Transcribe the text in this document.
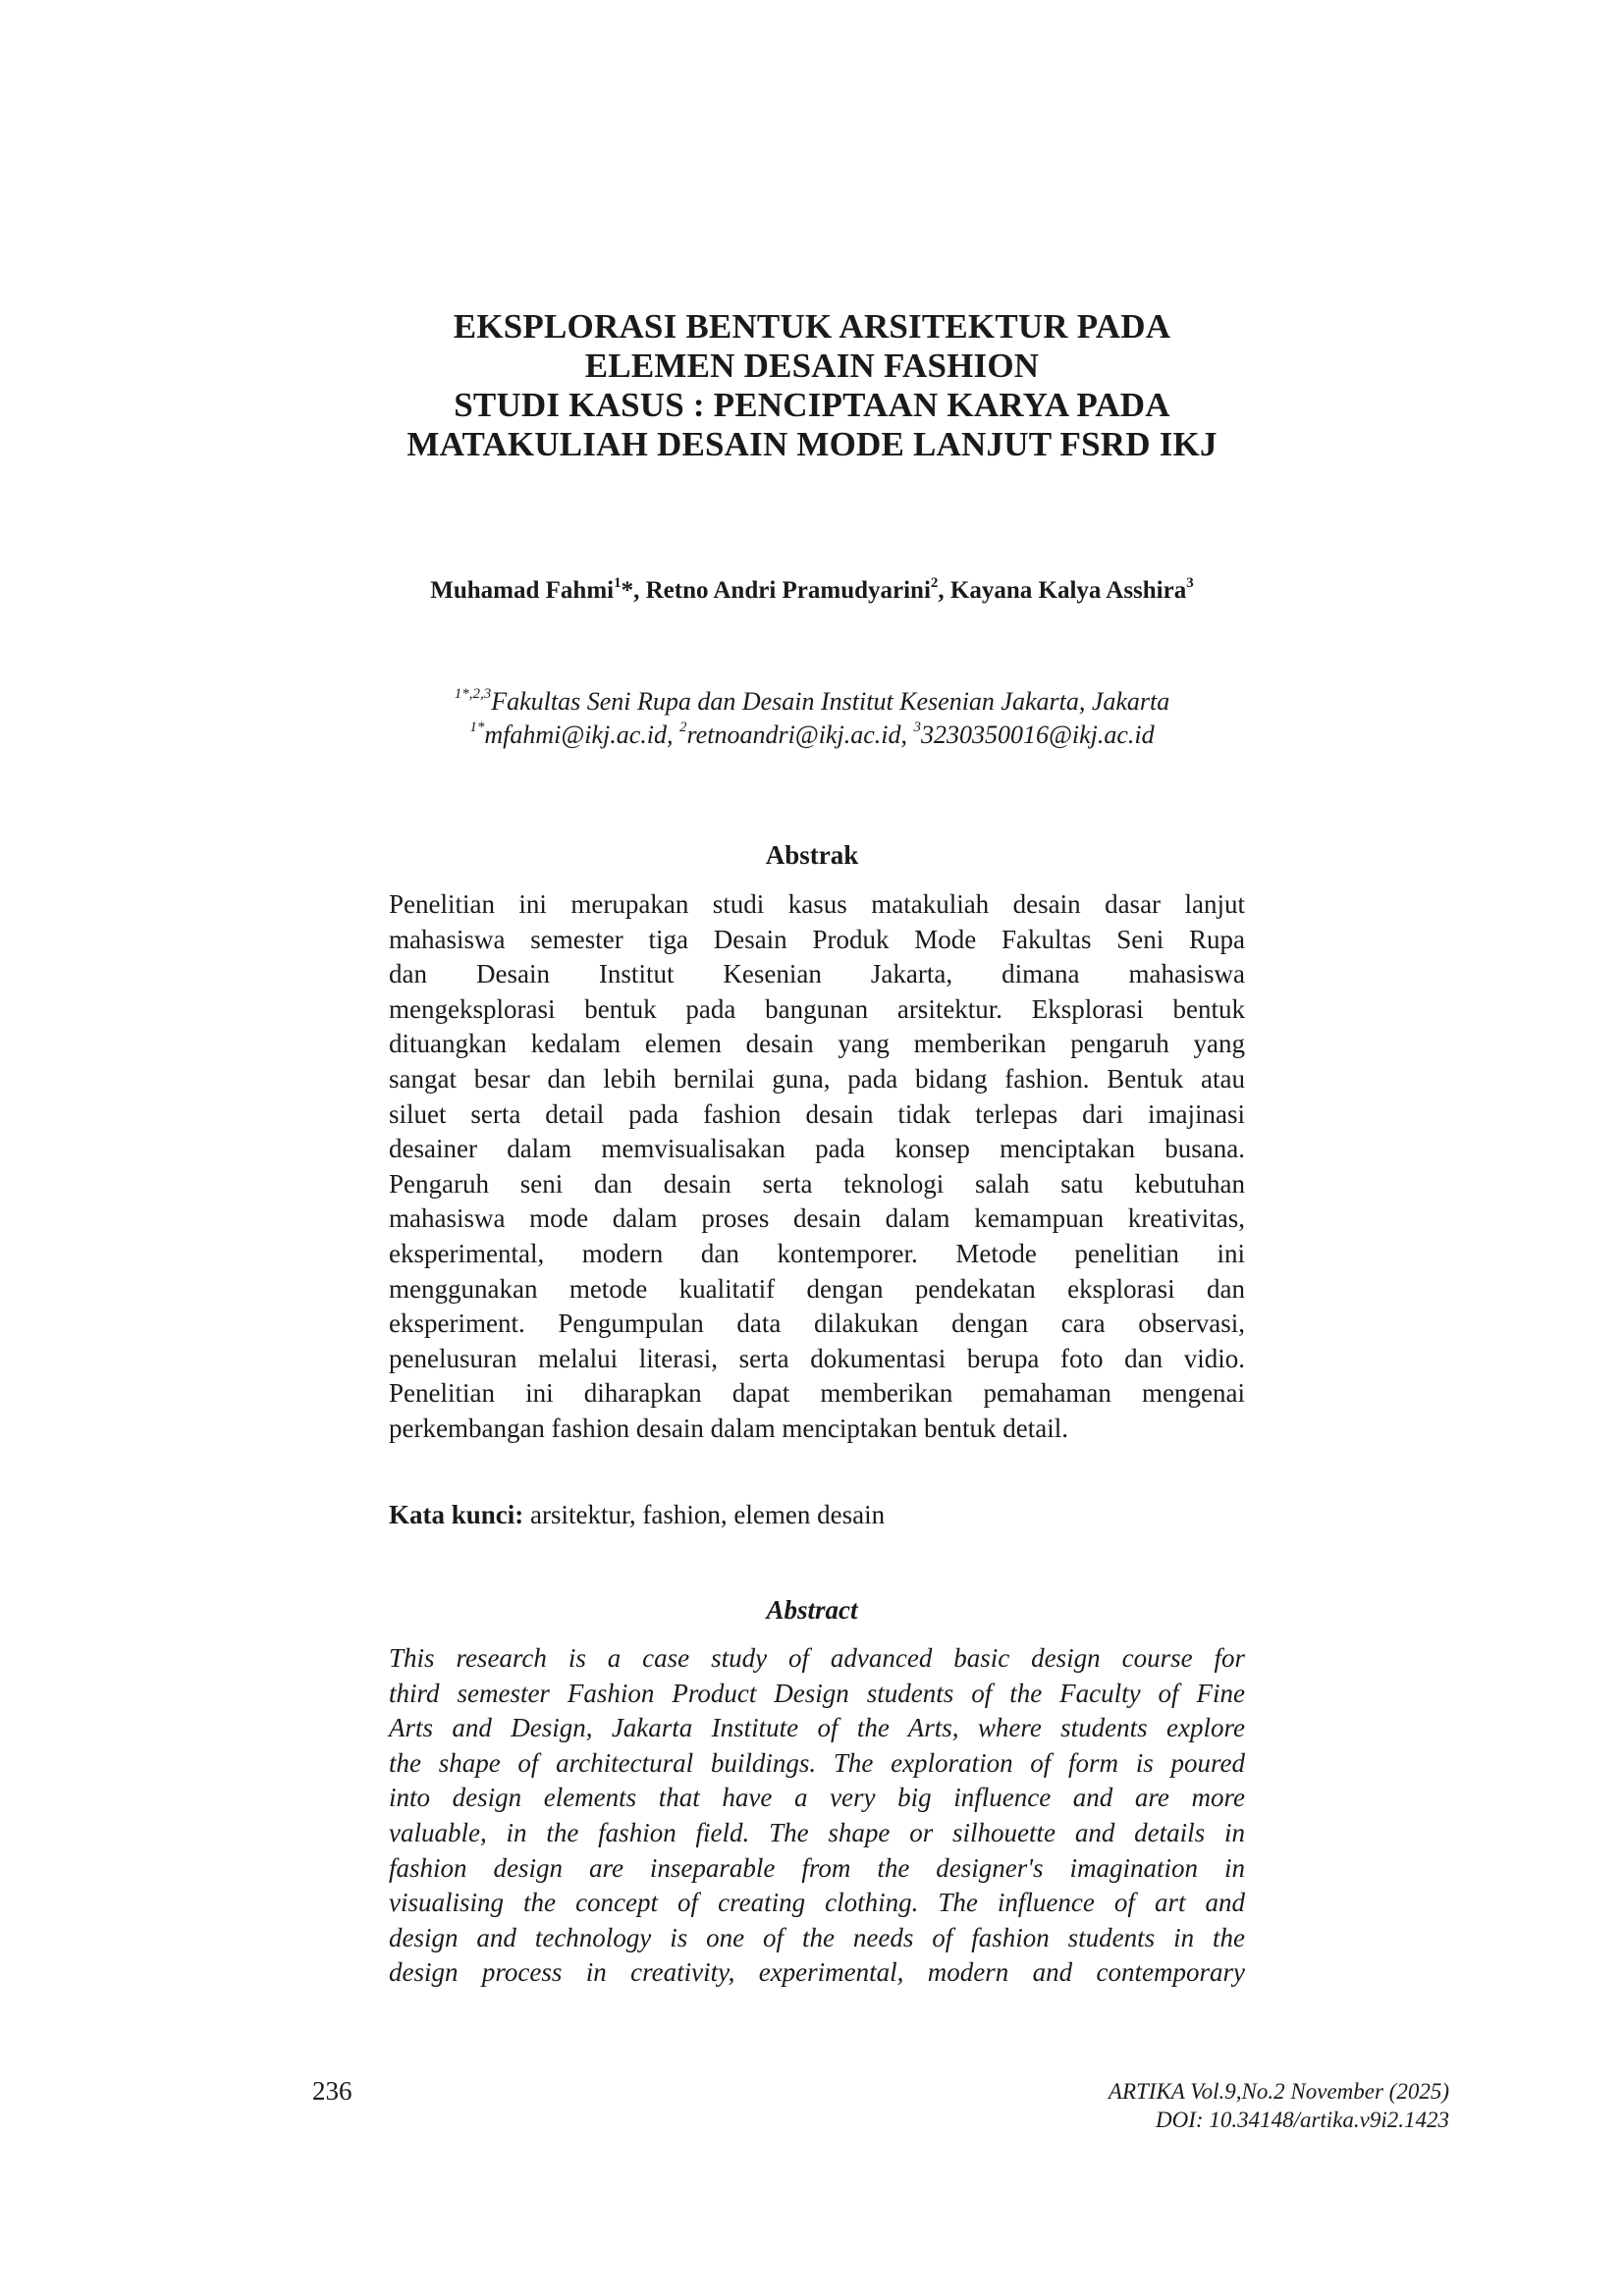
EKSPLORASI BENTUK ARSITEKTUR PADA
ELEMEN DESAIN FASHION
STUDI KASUS : PENCIPTAAN KARYA PADA
MATAKULIAH DESAIN MODE LANJUT FSRD IKJ
Muhamad Fahmi$^1$*, Retno Andri Pramudyarini$^2$, Kayana Kalya Asshira$^3$
$^{1*,2,3}$Fakultas Seni Rupa dan Desain Institut Kesenian Jakarta, Jakarta
$^{1*}$mfahmi@ikj.ac.id, $^2$retnoandri@ikj.ac.id, $^3$3230350016@ikj.ac.id
Abstrak
Penelitian ini merupakan studi kasus matakuliah desain dasar lanjut
mahasiswa semester tiga Desain Produk Mode Fakultas Seni Rupa
dan Desain Institut Kesenian Jakarta, dimana mahasiswa
mengeksplorasi bentuk pada bangunan arsitektur. Eksplorasi bentuk
dituangkan kedalam elemen desain yang memberikan pengaruh yang
sangat besar dan lebih bernilai guna, pada bidang fashion. Bentuk atau
siluet serta detail pada fashion desain tidak terlepas dari imajinasi
desainer dalam memvisualisakan pada konsep menciptakan busana.
Pengaruh seni dan desain serta teknologi salah satu kebutuhan
mahasiswa mode dalam proses desain dalam kemampuan kreativitas,
eksperimental, modern dan kontemporer. Metode penelitian ini
menggunakan metode kualitatif dengan pendekatan eksplorasi dan
eksperiment. Pengumpulan data dilakukan dengan cara observasi,
penelusuran melalui literasi, serta dokumentasi berupa foto dan vidio.
Penelitian ini diharapkan dapat memberikan pemahaman mengenai
perkembangan fashion desain dalam menciptakan bentuk detail.
Kata kunci: arsitektur, fashion, elemen desain
Abstract
This research is a case study of advanced basic design course for
third semester Fashion Product Design students of the Faculty of Fine
Arts and Design, Jakarta Institute of the Arts, where students explore
the shape of architectural buildings. The exploration of form is poured
into design elements that have a very big influence and are more
valuable, in the fashion field. The shape or silhouette and details in
fashion design are inseparable from the designer's imagination in
visualising the concept of creating clothing. The influence of art and
design and technology is one of the needs of fashion students in the
design process in creativity, experimental, modern and contemporary
236	ARTIKA Vol.9,No.2 November (2025)
DOI: 10.34148/artika.v9i2.1423
